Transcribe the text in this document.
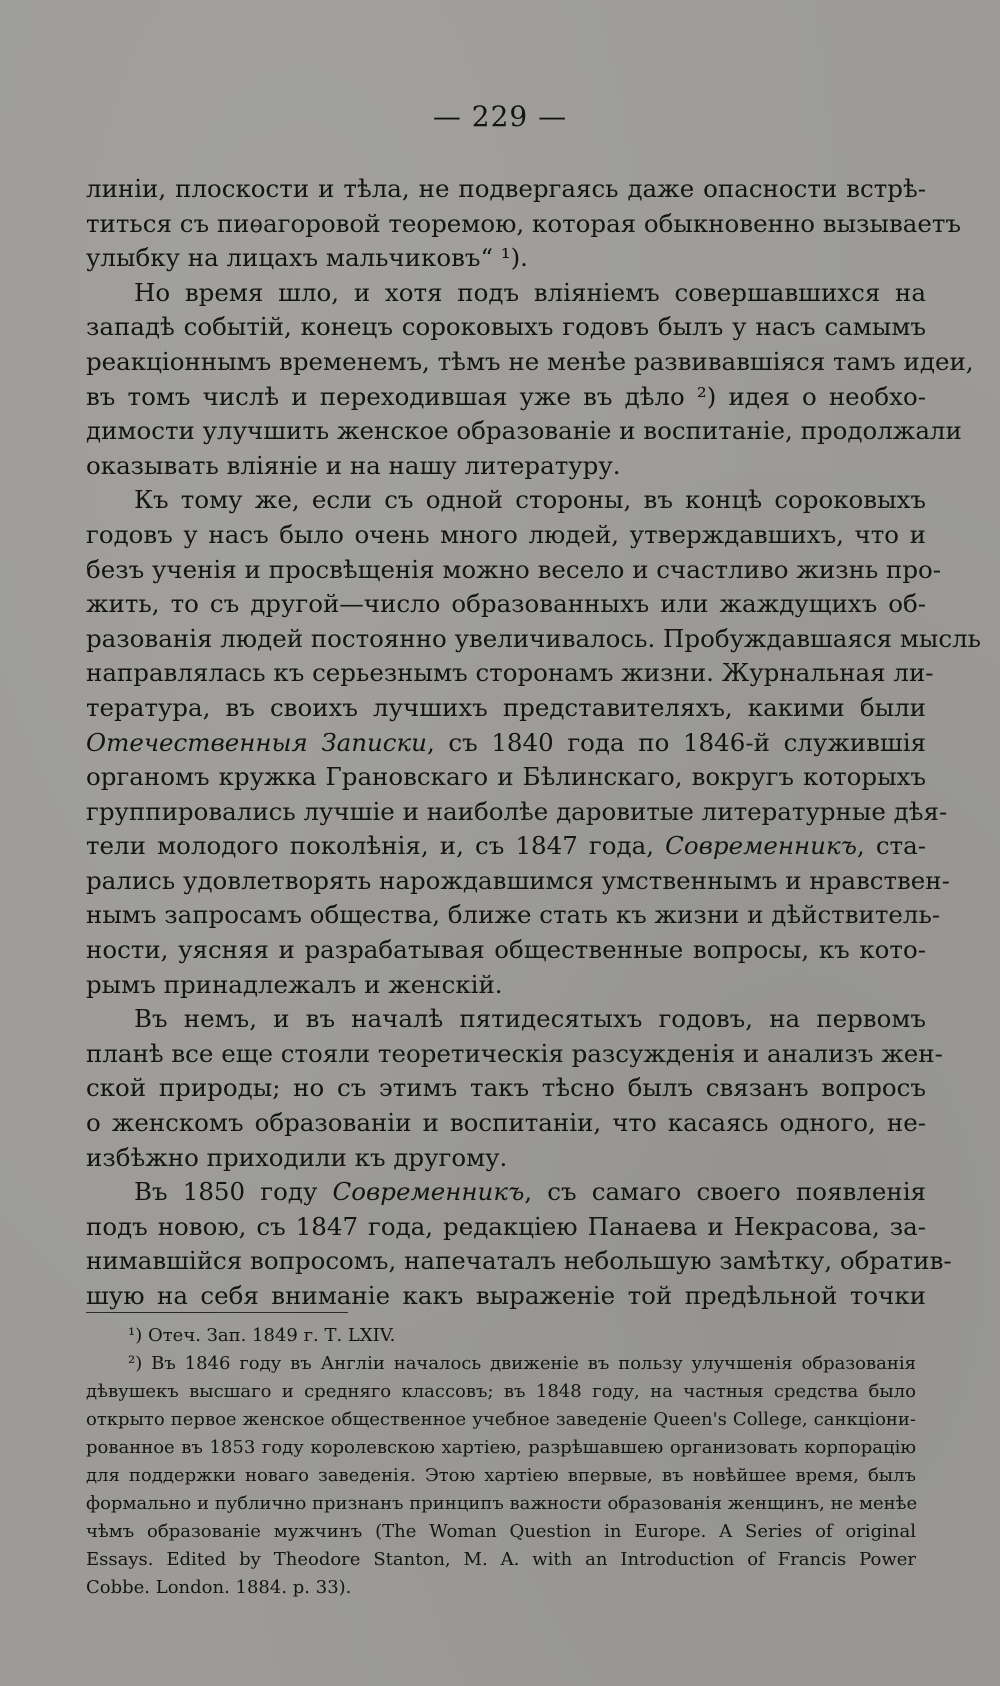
— 229 —
линіи, плоскости и тѣла, не подвергаясь даже опасности встрѣ-
титься съ пиѳагоровой теоремою, которая обыкновенно вызываетъ
улыбку на лицахъ мальчиковъ“ ¹).
Но время шло, и хотя подъ вліяніемъ совершавшихся на
западѣ событій, конецъ сороковыхъ годовъ былъ у насъ самымъ
реакціоннымъ временемъ, тѣмъ не менѣе развивавшіяся тамъ идеи,
въ томъ числѣ и переходившая уже въ дѣло ²) идея о необхо-
димости улучшить женское образованіе и воспитаніе, продолжали
оказывать вліяніе и на нашу литературу.
Къ тому же, если съ одной стороны, въ концѣ сороковыхъ
годовъ у насъ было очень много людей, утверждавшихъ, что и
безъ ученія и просвѣщенія можно весело и счастливо жизнь про-
жить, то съ другой—число образованныхъ или жаждущихъ об-
разованія людей постоянно увеличивалось. Пробуждавшаяся мысль
направлялась къ серьезнымъ сторонамъ жизни. Журнальная ли-
тература, въ своихъ лучшихъ представителяхъ, какими были
Отечественныя Записки, съ 1840 года по 1846-й служившія
органомъ кружка Грановскаго и Бѣлинскаго, вокругъ которыхъ
группировались лучшіе и наиболѣе даровитые литературные дѣя-
тели молодого поколѣнія, и, съ 1847 года, Современникъ, ста-
рались удовлетворять нарождавшимся умственнымъ и нравствен-
нымъ запросамъ общества, ближе стать къ жизни и дѣйствитель-
ности, уясняя и разрабатывая общественные вопросы, къ кото-
рымъ принадлежалъ и женскій.
Въ немъ, и въ началѣ пятидесятыхъ годовъ, на первомъ
планѣ все еще стояли теоретическія разсужденія и анализъ жен-
ской природы; но съ этимъ такъ тѣсно былъ связанъ вопросъ
о женскомъ образованіи и воспитаніи, что касаясь одного, не-
избѣжно приходили къ другому.
Въ 1850 году Современникъ, съ самаго своего появленія
подъ новою, съ 1847 года, редакціею Панаева и Некрасова, за-
нимавшійся вопросомъ, напечаталъ небольшую замѣтку, обратив-
шую на себя вниманіе какъ выраженіе той предѣльной точки
¹) Отеч. Зап. 1849 г. Т. LXIV.
²) Въ 1846 году въ Англіи началось движеніе въ пользу улучшенія образованія
дѣвушекъ высшаго и средняго классовъ; въ 1848 году, на частныя средства было
открыто первое женское общественное учебное заведеніе Queen's College, санкціони-
рованное въ 1853 году королевскою хартіею, разрѣшавшею организовать корпорацію
для поддержки новаго заведенія. Этою хартіею впервые, въ новѣйшее время, былъ
формально и публично признанъ принципъ важности образованія женщинъ, не менѣе
чѣмъ образованіе мужчинъ (The Woman Question in Europe. A Series of original
Essays. Edited by Theodore Stanton, M. A. with an Introduction of Francis Power
Cobbe. London. 1884. p. 33).
